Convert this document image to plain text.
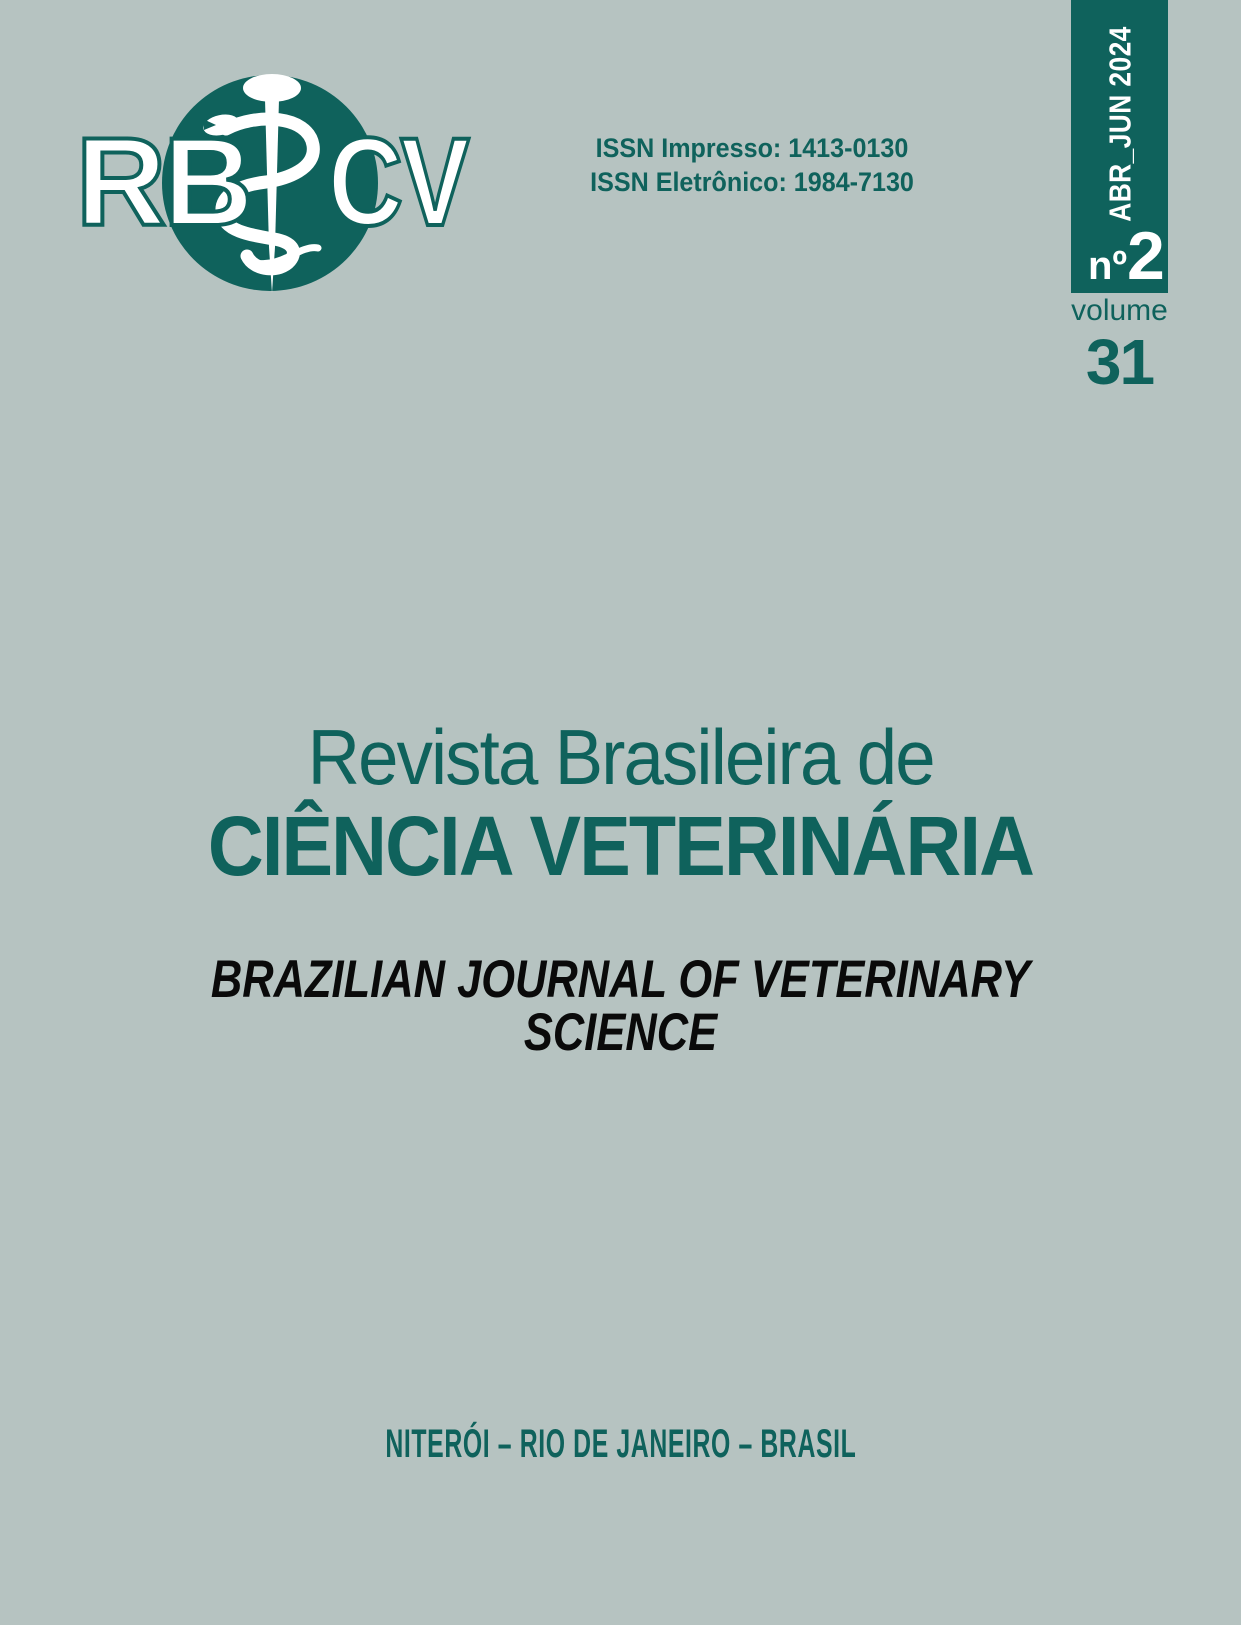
RB CV	ISSN Impresso: 1413-0130
ISSN Eletrônico: 1984-7130	ABR_JUN 2024
nº 2
volume
31
Revista Brasileira de
CIÊNCIA VETERINÁRIA
BRAZILIAN JOURNAL OF VETERINARY SCIENCE
NITERÓI – RIO DE JANEIRO – BRASIL
